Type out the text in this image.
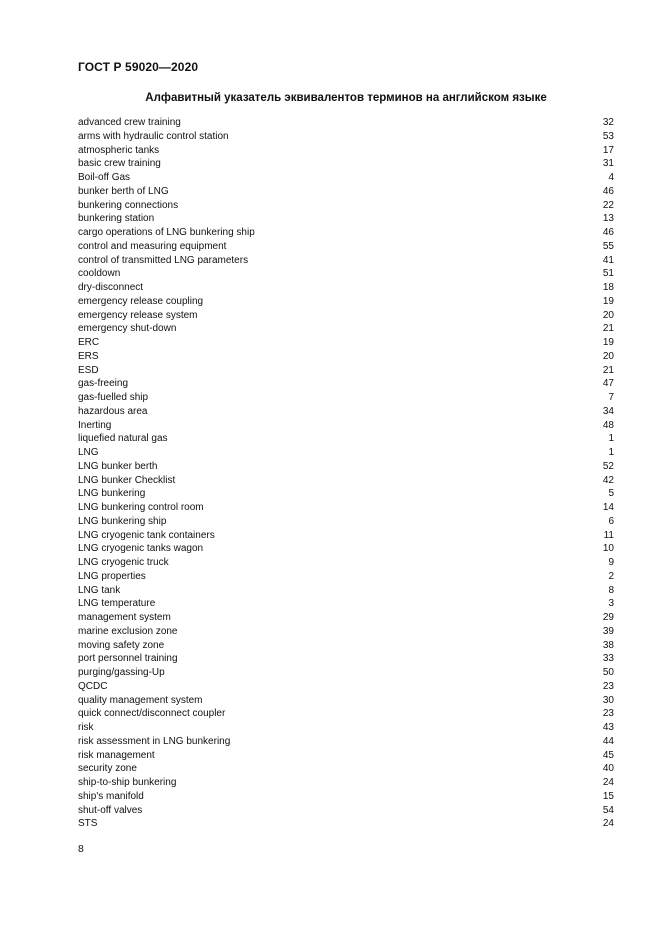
ГОСТ Р 59020—2020
Алфавитный указатель эквивалентов терминов на английском языке
advanced crew training	32
arms with hydraulic control station	53
atmospheric tanks	17
basic crew training	31
Boil-off Gas	4
bunker berth of LNG	46
bunkering connections	22
bunkering station	13
cargo operations of LNG bunkering ship	46
control and measuring equipment	55
control of transmitted LNG parameters	41
cooldown	51
dry-disconnect	18
emergency release coupling	19
emergency release system	20
emergency shut-down	21
ERC	19
ERS	20
ESD	21
gas-freeing	47
gas-fuelled ship	7
hazardous area	34
Inerting	48
liquefied natural gas	1
LNG	1
LNG bunker berth	52
LNG bunker Checklist	42
LNG bunkering	5
LNG bunkering control room	14
LNG bunkering ship	6
LNG cryogenic tank containers	11
LNG cryogenic tanks wagon	10
LNG cryogenic truck	9
LNG properties	2
LNG tank	8
LNG temperature	3
management system	29
marine exclusion zone	39
moving safety zone	38
port personnel training	33
purging/gassing-Up	50
QCDC	23
quality management system	30
quick connect/disconnect coupler	23
risk	43
risk assessment in LNG bunkering	44
risk management	45
security zone	40
ship-to-ship bunkering	24
ship's manifold	15
shut-off valves	54
STS	24
8
